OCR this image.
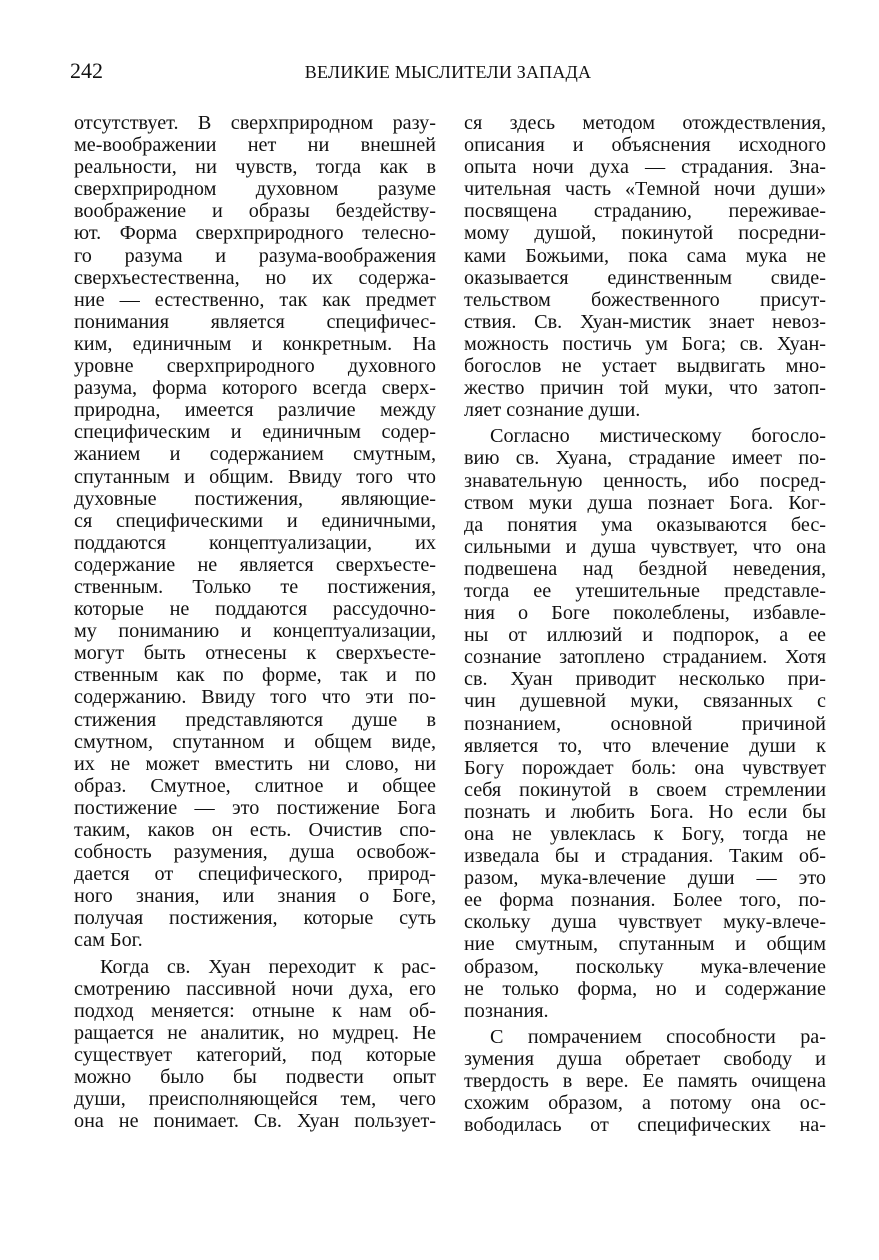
242	ВЕЛИКИЕ МЫСЛИТЕЛИ ЗАПАДА
отсутствует. В сверхприродном разу-
ме-воображении нет ни внешней
реальности, ни чувств, тогда как в
сверхприродном духовном разуме
воображение и образы бездейству-
ют. Форма сверхприродного телесно-
го разума и разума-воображения
сверхъестественна, но их содержа-
ние — естественно, так как предмет
понимания является специфичес-
ким, единичным и конкретным. На
уровне сверхприродного духовного
разума, форма которого всегда сверх-
природна, имеется различие между
специфическим и единичным содер-
жанием и содержанием смутным,
спутанным и общим. Ввиду того что
духовные постижения, являющие-
ся специфическими и единичными,
поддаются концептуализации, их
содержание не является сверхъесте-
ственным. Только те постижения,
которые не поддаются рассудочно-
му пониманию и концептуализации,
могут быть отнесены к сверхъесте-
ственным как по форме, так и по
содержанию. Ввиду того что эти по-
стижения представляются душе в
смутном, спутанном и общем виде,
их не может вместить ни слово, ни
образ. Смутное, слитное и общее
постижение — это постижение Бога
таким, каков он есть. Очистив спо-
собность разумения, душа освобож-
дается от специфического, природ-
ного знания, или знания о Боге,
получая постижения, которые суть
сам Бог.
Когда св. Хуан переходит к рас-
смотрению пассивной ночи духа, его
подход меняется: отныне к нам об-
ращается не аналитик, но мудрец. Не
существует категорий, под которые
можно было бы подвести опыт
души, преисполняющейся тем, чего
она не понимает. Св. Хуан пользует-
ся здесь методом отождествления,
описания и объяснения исходного
опыта ночи духа — страдания. Зна-
чительная часть «Темной ночи души»
посвящена страданию, переживае-
мому душой, покинутой посредни-
ками Божьими, пока сама мука не
оказывается единственным свиде-
тельством божественного присут-
ствия. Св. Хуан-мистик знает невоз-
можность постичь ум Бога; св. Хуан-
богослов не устает выдвигать мно-
жество причин той муки, что затоп-
ляет сознание души.
Согласно мистическому богосло-
вию св. Хуана, страдание имеет по-
знавательную ценность, ибо посред-
ством муки душа познает Бога. Ког-
да понятия ума оказываются бес-
сильными и душа чувствует, что она
подвешена над бездной неведения,
тогда ее утешительные представле-
ния о Боге поколеблены, избавле-
ны от иллюзий и подпорок, а ее
сознание затоплено страданием. Хотя
св. Хуан приводит несколько при-
чин душевной муки, связанных с
познанием, основной причиной
является то, что влечение души к
Богу порождает боль: она чувствует
себя покинутой в своем стремлении
познать и любить Бога. Но если бы
она не увлеклась к Богу, тогда не
изведала бы и страдания. Таким об-
разом, мука-влечение души — это
ее форма познания. Более того, по-
скольку душа чувствует муку-влече-
ние смутным, спутанным и общим
образом, поскольку мука-влечение
не только форма, но и содержание
познания.
С помрачением способности ра-
зумения душа обретает свободу и
твердость в вере. Ее память очищена
схожим образом, а потому она ос-
вободилась от специфических на-
